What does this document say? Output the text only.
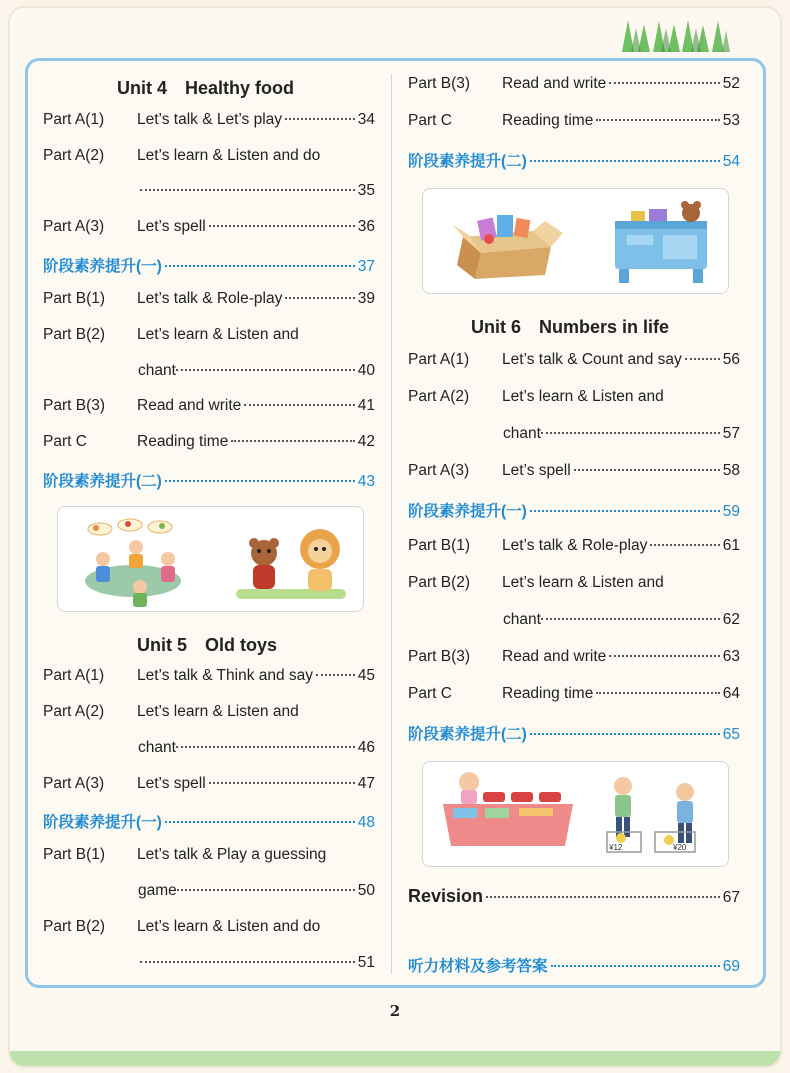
Unit 4　Healthy food
Part A(1)	Let’s talk & Let’s play	34
Part A(2)	Let’s learn & Listen and do
35
Part A(3)	Let’s spell	36
阶段素养提升(一)	37
Part B(1)	Let’s talk & Role-play	39
Part B(2)	Let’s learn & Listen and
chant	40
Part B(3)	Read and write	41
Part C	Reading time	42
阶段素养提升(二)	43
Unit 5　Old toys
Part A(1)	Let’s talk & Think and say	45
Part A(2)	Let’s learn & Listen and
chant	46
Part A(3)	Let’s spell	47
阶段素养提升(一)	48
Part B(1)	Let’s talk & Play a guessing
game	50
Part B(2)	Let’s learn & Listen and do
51
Part B(3)	Read and write	52
Part C	Reading time	53
阶段素养提升(二)	54
Unit 6　Numbers in life
Part A(1)	Let’s talk & Count and say	56
Part A(2)	Let’s learn & Listen and
chant	57
Part A(3)	Let’s spell	58
阶段素养提升(一)	59
Part B(1)	Let’s talk & Role-play	61
Part B(2)	Let’s learn & Listen and
chant	62
Part B(3)	Read and write	63
Part C	Reading time	64
阶段素养提升(二)	65
¥12	¥20
Revision	67
听力材料及参考答案	69
2
